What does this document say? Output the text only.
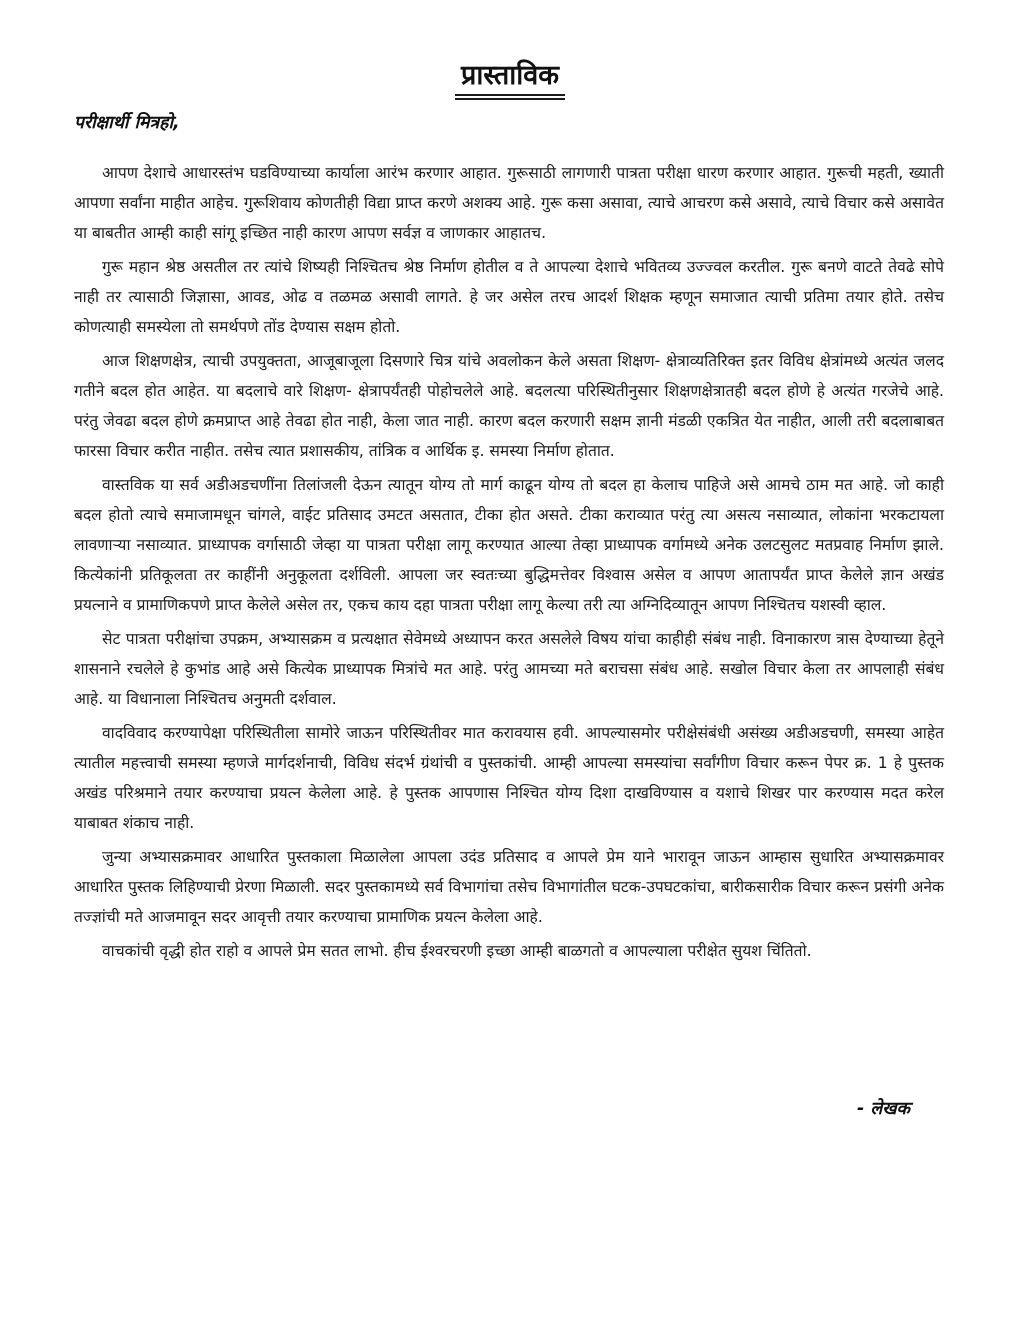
प्रास्ताविक
परीक्षार्थी मित्रहो,

आपण देशाचे आधारस्तंभ घडविण्याच्या कार्याला आरंभ करणार आहात. गुरूसाठी लागणारी पात्रता परीक्षा धारण करणार आहात. गुरूची महती, ख्याती आपणा सर्वांना माहीत आहेच. गुरूशिवाय कोणतीही विद्या प्राप्त करणे अशक्य आहे. गुरू कसा असावा, त्याचे आचरण कसे असावे, त्याचे विचार कसे असावेत या बाबतीत आम्ही काही सांगू इच्छित नाही कारण आपण सर्वज्ञ व जाणकार आहातच.

गुरू महान श्रेष्ठ असतील तर त्यांचे शिष्यही निश्चितच श्रेष्ठ निर्माण होतील व ते आपल्या देशाचे भवितव्य उज्ज्वल करतील. गुरू बनणे वाटते तेवढे सोपे नाही तर त्यासाठी जिज्ञासा, आवड, ओढ व तळमळ असावी लागते. हे जर असेल तरच आदर्श शिक्षक म्हणून समाजात त्याची प्रतिमा तयार होते. तसेच कोणत्याही समस्येला तो समर्थपणे तोंड देण्यास सक्षम होतो.

आज शिक्षणक्षेत्र, त्याची उपयुक्तता, आजूबाजूला दिसणारे चित्र यांचे अवलोकन केले असता शिक्षण- क्षेत्राव्यतिरिक्त इतर विविध क्षेत्रांमध्ये अत्यंत जलद गतीने बदल होत आहेत. या बदलाचे वारे शिक्षण- क्षेत्रापर्यंतही पोहोचलेले आहे. बदलत्या परिस्थितीनुसार शिक्षणक्षेत्रातही बदल होणे हे अत्यंत गरजेचे आहे. परंतु जेवढा बदल होणे क्रमप्राप्त आहे तेवढा होत नाही, केला जात नाही. कारण बदल करणारी सक्षम ज्ञानी मंडळी एकत्रित येत नाहीत, आली तरी बदलाबाबत फारसा विचार करीत नाहीत. तसेच त्यात प्रशासकीय, तांत्रिक व आर्थिक इ. समस्या निर्माण होतात.

वास्तविक या सर्व अडीअडचणींना तिलांजली देऊन त्यातून योग्य तो मार्ग काढून योग्य तो बदल हा केलाच पाहिजे असे आमचे ठाम मत आहे. जो काही बदल होतो त्याचे समाजामधून चांगले, वाईट प्रतिसाद उमटत असतात, टीका होत असते. टीका कराव्यात परंतु त्या असत्य नसाव्यात, लोकांना भरकटायला लावणाऱ्या नसाव्यात. प्राध्यापक वर्गासाठी जेव्हा या पात्रता परीक्षा लागू करण्यात आल्या तेव्हा प्राध्यापक वर्गामध्ये अनेक उलटसुलट मतप्रवाह निर्माण झाले. कित्येकांनी प्रतिकूलता तर काहींनी अनुकूलता दर्शविली. आपला जर स्वतःच्या बुद्धिमत्तेवर विश्वास असेल व आपण आतापर्यंत प्राप्त केलेले ज्ञान अखंड प्रयत्नाने व प्रामाणिकपणे प्राप्त केलेले असेल तर, एकच काय दहा पात्रता परीक्षा लागू केल्या तरी त्या अग्निदिव्यातून आपण निश्चितच यशस्वी व्हाल.

सेट पात्रता परीक्षांचा उपक्रम, अभ्यासक्रम व प्रत्यक्षात सेवेमध्ये अध्यापन करत असलेले विषय यांचा काहीही संबंध नाही. विनाकारण त्रास देण्याच्या हेतूने शासनाने रचलेले हे कुभांड आहे असे कित्येक प्राध्यापक मित्रांचे मत आहे. परंतु आमच्या मते बराचसा संबंध आहे. सखोल विचार केला तर आपलाही संबंध आहे. या विधानाला निश्चितच अनुमती दर्शवाल.

वादविवाद करण्यापेक्षा परिस्थितीला सामोरे जाऊन परिस्थितीवर मात करावयास हवी. आपल्यासमोर परीक्षेसंबंधी असंख्य अडीअडचणी, समस्या आहेत त्यातील महत्त्वाची समस्या म्हणजे मार्गदर्शनाची, विविध संदर्भ ग्रंथांची व पुस्तकांची. आम्ही आपल्या समस्यांचा सर्वांगीण विचार करून पेपर क्र. 1 हे पुस्तक अखंड परिश्रमाने तयार करण्याचा प्रयत्न केलेला आहे. हे पुस्तक आपणास निश्चित योग्य दिशा दाखविण्यास व यशाचे शिखर पार करण्यास मदत करेल याबाबत शंकाच नाही.

जुन्या अभ्यासक्रमावर आधारित पुस्तकाला मिळालेला आपला उदंड प्रतिसाद व आपले प्रेम याने भारावून जाऊन आम्हास सुधारित अभ्यासक्रमावर आधारित पुस्तक लिहिण्याची प्रेरणा मिळाली. सदर पुस्तकामध्ये सर्व विभागांचा तसेच विभागांतील घटक-उपघटकांचा, बारीकसारीक विचार करून प्रसंगी अनेक तज्ज्ञांची मते आजमावून सदर आवृत्ती तयार करण्याचा प्रामाणिक प्रयत्न केलेला आहे.

वाचकांची वृद्धी होत राहो व आपले प्रेम सतत लाभो. हीच ईश्वरचरणी इच्छा आम्ही बाळगतो व आपल्याला परीक्षेत सुयश चिंतितो.

- लेखक
